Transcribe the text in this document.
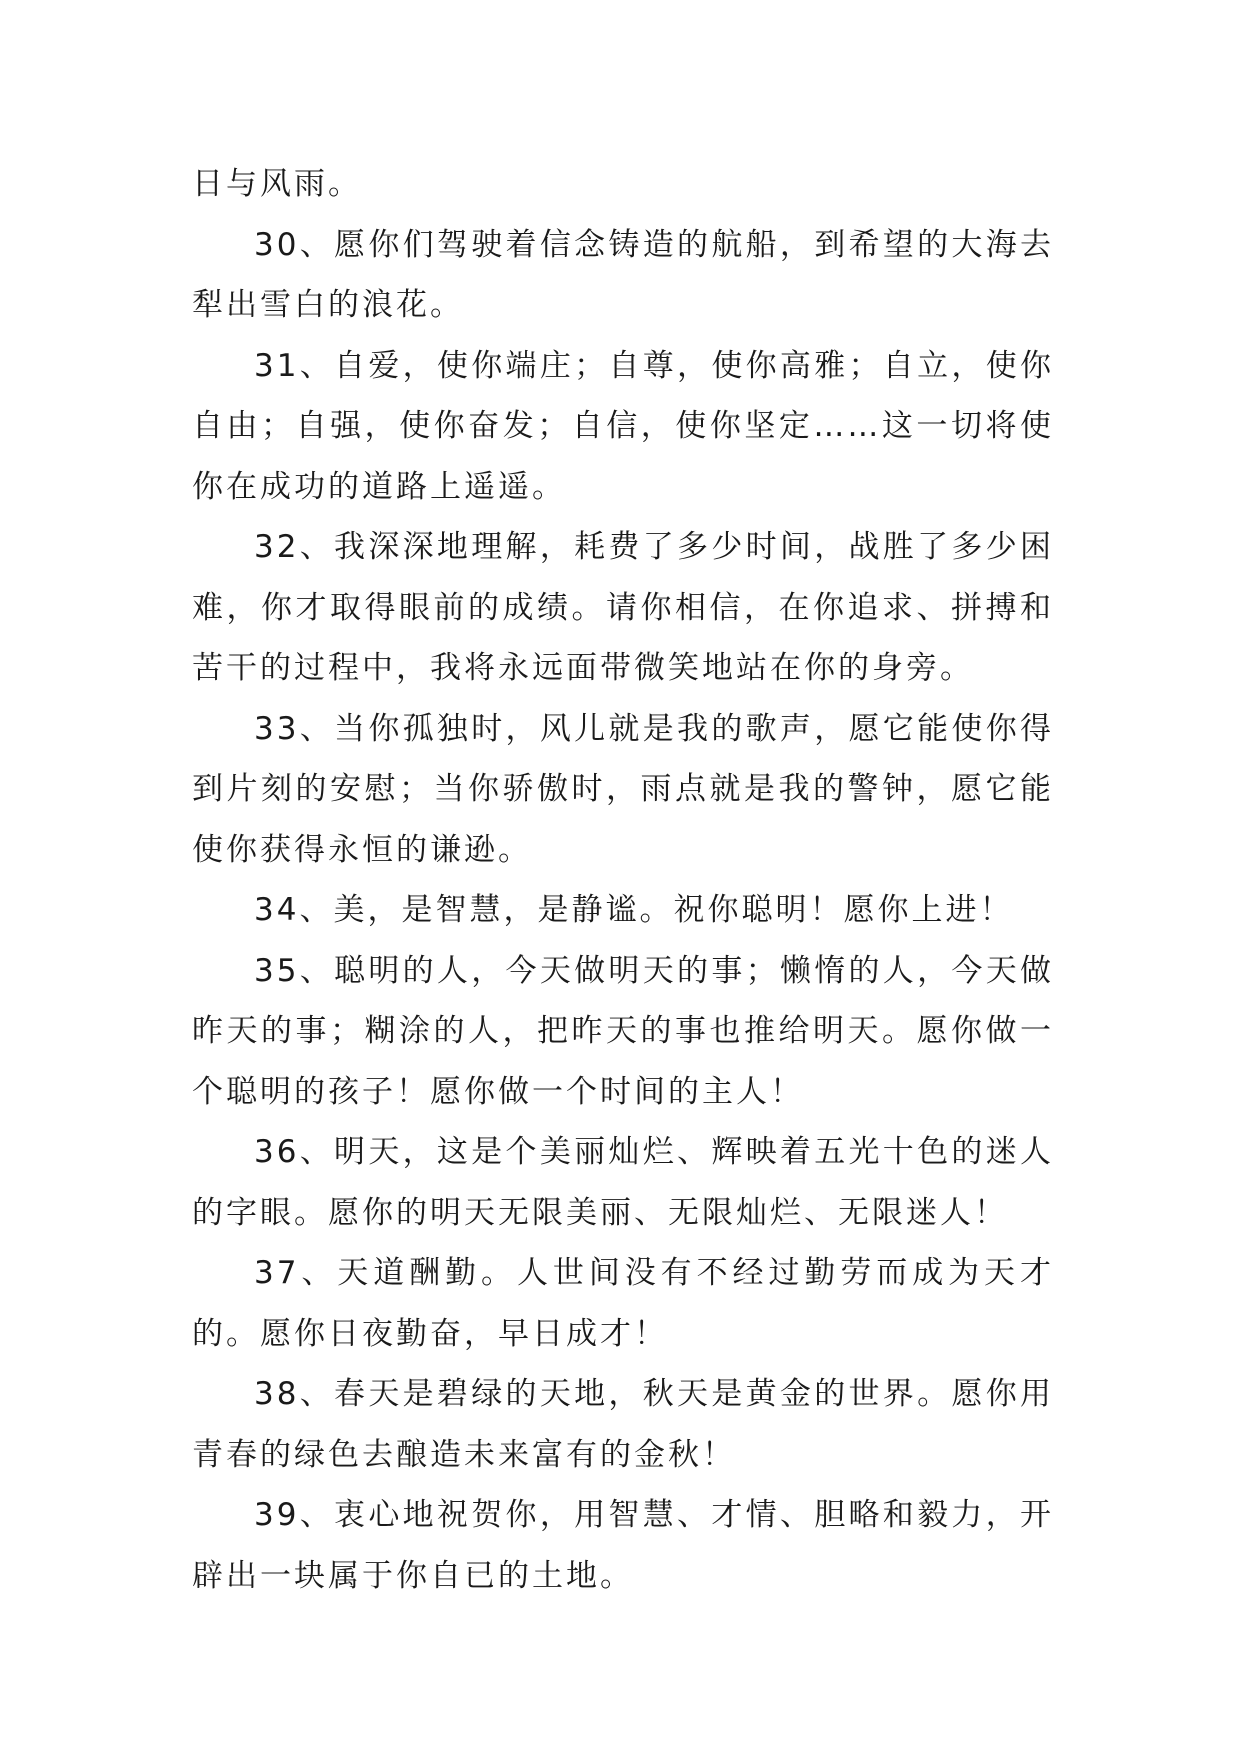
日与风雨。

30、愿你们驾驶着信念铸造的航船，到希望的大海去犁出雪白的浪花。

31、自爱，使你端庄；自尊，使你高雅；自立，使你自由；自强，使你奋发；自信，使你坚定……这一切将使你在成功的道路上遥遥。

32、我深深地理解，耗费了多少时间，战胜了多少困难，你才取得眼前的成绩。请你相信，在你追求、拼搏和苦干的过程中，我将永远面带微笑地站在你的身旁。

33、当你孤独时，风儿就是我的歌声，愿它能使你得到片刻的安慰；当你骄傲时，雨点就是我的警钟，愿它能使你获得永恒的谦逊。

34、美，是智慧，是静谧。祝你聪明！愿你上进！

35、聪明的人，今天做明天的事；懒惰的人，今天做昨天的事；糊涂的人，把昨天的事也推给明天。愿你做一个聪明的孩子！愿你做一个时间的主人！

36、明天，这是个美丽灿烂、辉映着五光十色的迷人的字眼。愿你的明天无限美丽、无限灿烂、无限迷人！

37、天道酬勤。人世间没有不经过勤劳而成为天才的。愿你日夜勤奋，早日成才！

38、春天是碧绿的天地，秋天是黄金的世界。愿你用青春的绿色去酿造未来富有的金秋！

39、衷心地祝贺你，用智慧、才情、胆略和毅力，开辟出一块属于你自已的土地。
